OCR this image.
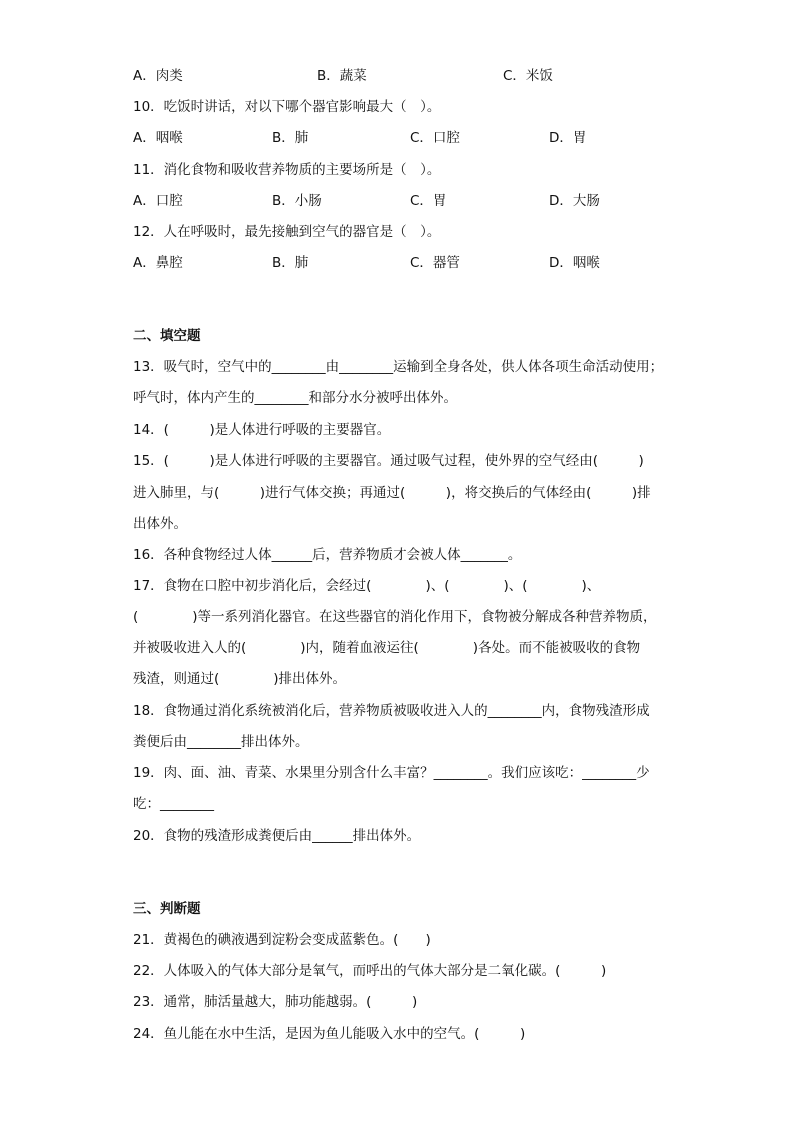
A．肉类	B．蔬菜	C．米饭
10．吃饭时讲话，对以下哪个器官影响最大（　）。
A．咽喉	B．肺	C．口腔	D．胃
11．消化食物和吸收营养物质的主要场所是（　）。
A．口腔	B．小肠	C．胃	D．大肠
12．人在呼吸时，最先接触到空气的器官是（　）。
A．鼻腔	B．肺	C．器管	D．咽喉
二、填空题
13．吸气时，空气中的________由________运输到全身各处，供人体各项生命活动使用；
呼气时，体内产生的________和部分水分被呼出体外。
14．(　　　)是人体进行呼吸的主要器官。
15．(　　　)是人体进行呼吸的主要器官。通过吸气过程，使外界的空气经由(　　　)
进入肺里，与(　　　)进行气体交换；再通过(　　　)，将交换后的气体经由(　　　)排
出体外。
16．各种食物经过人体______后，营养物质才会被人体_______。
17．食物在口腔中初步消化后，会经过(　　　　)、(　　　　)、(　　　　)、
(　　　　)等一系列消化器官。在这些器官的消化作用下，食物被分解成各种营养物质，
并被吸收进入人的(　　　　)内，随着血液运往(　　　　)各处。而不能被吸收的食物
残渣，则通过(　　　　)排出体外。
18．食物通过消化系统被消化后，营养物质被吸收进入人的________内，食物残渣形成
粪便后由________排出体外。
19．肉、面、油、青菜、水果里分别含什么丰富？________。我们应该吃：________少
吃：________
20．食物的残渣形成粪便后由______排出体外。
三、判断题
21．黄褐色的碘液遇到淀粉会变成蓝紫色。(　　)
22．人体吸入的气体大部分是氧气，而呼出的气体大部分是二氧化碳。(　　　)
23．通常，肺活量越大，肺功能越弱。(　　　)
24．鱼儿能在水中生活，是因为鱼儿能吸入水中的空气。(　　　)
